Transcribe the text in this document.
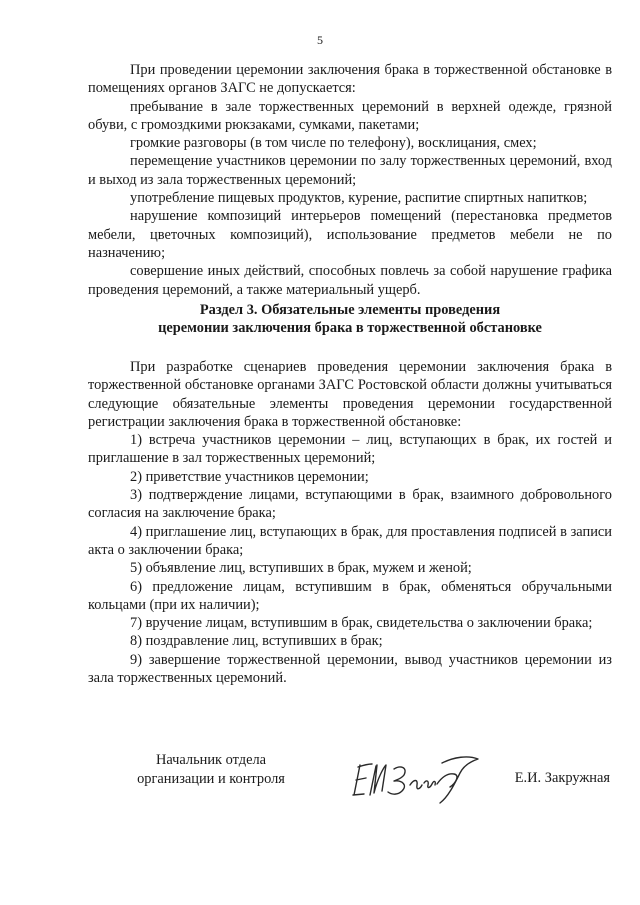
5

При проведении церемонии заключения брака в торжественной обстановке в помещениях органов ЗАГС не допускается:

пребывание в зале торжественных церемоний в верхней одежде, грязной обуви, с громоздкими рюкзаками, сумками, пакетами;

громкие разговоры (в том числе по телефону), восклицания, смех;

перемещение участников церемонии по залу торжественных церемоний, вход и выход из зала торжественных церемоний;

употребление пищевых продуктов, курение, распитие спиртных напитков;

нарушение композиций интерьеров помещений (перестановка предметов мебели, цветочных композиций), использование предметов мебели не по назначению;

совершение иных действий, способных повлечь за собой нарушение графика проведения церемоний, а также материальный ущерб.

Раздел 3. Обязательные элементы проведения
церемонии заключения брака в торжественной обстановке

При разработке сценариев проведения церемонии заключения брака в торжественной обстановке органами ЗАГС Ростовской области должны учитываться следующие обязательные элементы проведения церемонии государственной регистрации заключения брака в торжественной обстановке:

1) встреча участников церемонии – лиц, вступающих в брак, их гостей и приглашение в зал торжественных церемоний;

2) приветствие участников церемонии;

3) подтверждение лицами, вступающими в брак, взаимного добровольного согласия на заключение брака;

4) приглашение лиц, вступающих в брак, для проставления подписей в записи акта о заключении брака;

5) объявление лиц, вступивших в брак, мужем и женой;

6) предложение лицам, вступившим в брак, обменяться обручальными кольцами (при их наличии);

7) вручение лицам, вступившим в брак, свидетельства о заключении брака;

8) поздравление лиц, вступивших в брак;

9) завершение торжественной церемонии, вывод участников церемонии из зала торжественных церемоний.

Начальник отдела
организации и контроля	Е.И. Закружная
